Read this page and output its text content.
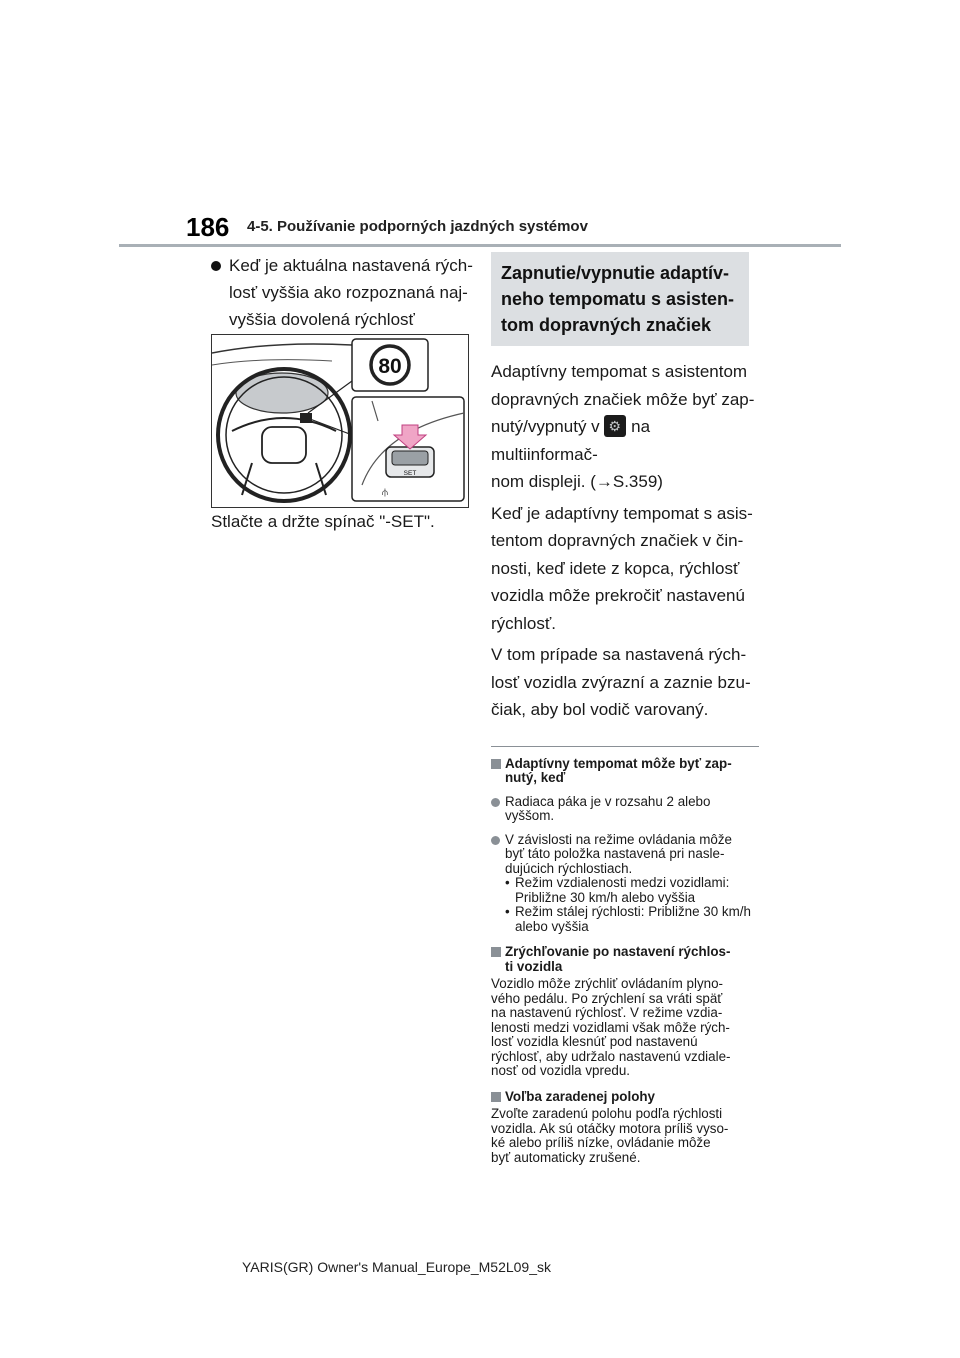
186 4-5. Používanie podporných jazdných systémov
Keď je aktuálna nastavená rých-
losť vyššia ako rozpoznaná naj-
vyššia dovolená rýchlosť
80
SET
⫛
Stlačte a držte spínač "-SET".
Zapnutie/vypnutie adaptív-
neho tempomatu s asisten-
tom dopravných značiek
Adaptívny tempomat s asistentom
dopravných značiek môže byť zap-
nutý/vypnutý v ⚙ na multiinformač-
nom displeji. (→S.359)
Keď je adaptívny tempomat s asis-
tentom dopravných značiek v čin-
nosti, keď idete z kopca, rýchlosť
vozidla môže prekročiť nastavenú
rýchlosť.
V tom prípade sa nastavená rých-
losť vozidla zvýrazní a zaznie bzu-
čiak, aby bol vodič varovaný.
Adaptívny tempomat môže byť zap-
nutý, keď
Radiaca páka je v rozsahu 2 alebo
vyššom.
V závislosti na režime ovládania môže
byť táto položka nastavená pri nasle-
dujúcich rýchlostiach.
• Režim vzdialenosti medzi vozidlami:
Približne 30 km/h alebo vyššia
• Režim stálej rýchlosti: Približne 30 km/h
alebo vyššia
Zrýchľovanie po nastavení rýchlos-
ti vozidla
Vozidlo môže zrýchliť ovládaním plyno-
vého pedálu. Po zrýchlení sa vráti späť
na nastavenú rýchlosť. V režime vzdia-
lenosti medzi vozidlami však môže rých-
losť vozidla klesnúť pod nastavenú
rýchlosť, aby udržalo nastavenú vzdiale-
nosť od vozidla vpredu.
Voľba zaradenej polohy
Zvoľte zaradenú polohu podľa rýchlosti
vozidla. Ak sú otáčky motora príliš vyso-
ké alebo príliš nízke, ovládanie môže
byť automaticky zrušené.
YARIS(GR) Owner's Manual_Europe_M52L09_sk
